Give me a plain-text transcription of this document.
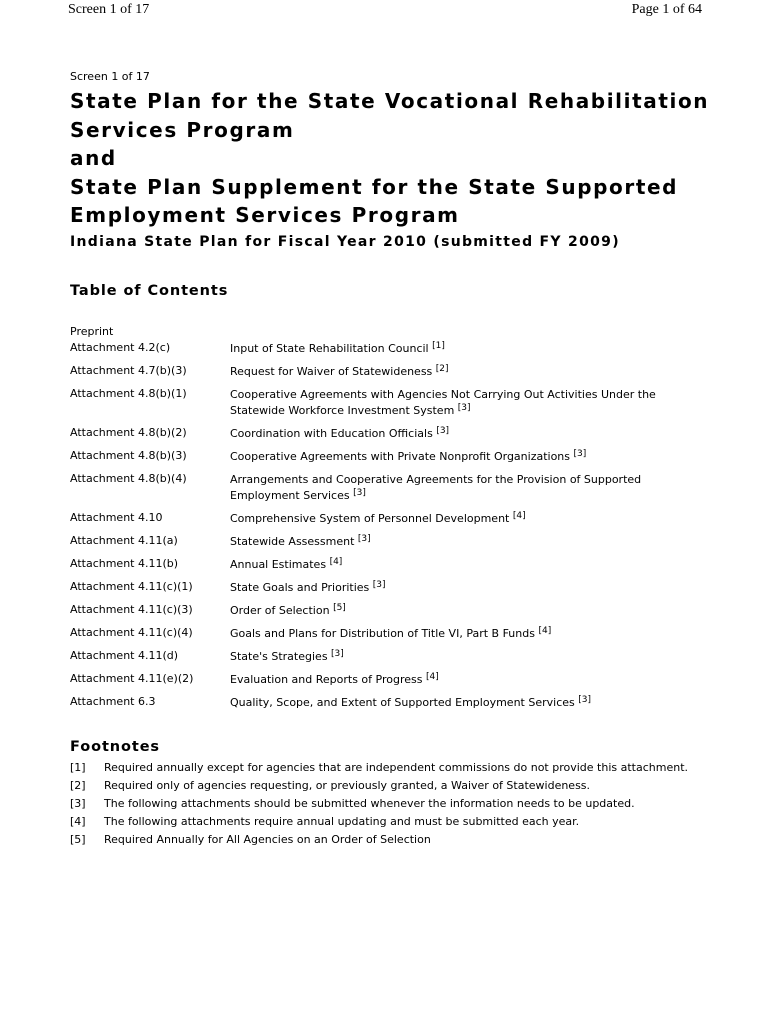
Screen 1 of 17	Page 1 of 64
Screen 1 of 17
State Plan for the State Vocational Rehabilitation
Services Program
and
State Plan Supplement for the State Supported
Employment Services Program
Indiana State Plan for Fiscal Year 2010 (submitted FY 2009)
Table of Contents
Preprint
Attachment 4.2(c)	Input of State Rehabilitation Council [1]
Attachment 4.7(b)(3)	Request for Waiver of Statewideness [2]
Attachment 4.8(b)(1)	Cooperative Agreements with Agencies Not Carrying Out Activities Under the Statewide Workforce Investment System [3]
Attachment 4.8(b)(2)	Coordination with Education Officials [3]
Attachment 4.8(b)(3)	Cooperative Agreements with Private Nonprofit Organizations [3]
Attachment 4.8(b)(4)	Arrangements and Cooperative Agreements for the Provision of Supported Employment Services [3]
Attachment 4.10	Comprehensive System of Personnel Development [4]
Attachment 4.11(a)	Statewide Assessment [3]
Attachment 4.11(b)	Annual Estimates [4]
Attachment 4.11(c)(1)	State Goals and Priorities [3]
Attachment 4.11(c)(3)	Order of Selection [5]
Attachment 4.11(c)(4)	Goals and Plans for Distribution of Title VI, Part B Funds [4]
Attachment 4.11(d)	State's Strategies [3]
Attachment 4.11(e)(2)	Evaluation and Reports of Progress [4]
Attachment 6.3	Quality, Scope, and Extent of Supported Employment Services [3]
Footnotes
[1]	Required annually except for agencies that are independent commissions do not provide this attachment.
[2]	Required only of agencies requesting, or previously granted, a Waiver of Statewideness.
[3]	The following attachments should be submitted whenever the information needs to be updated.
[4]	The following attachments require annual updating and must be submitted each year.
[5]	Required Annually for All Agencies on an Order of Selection
